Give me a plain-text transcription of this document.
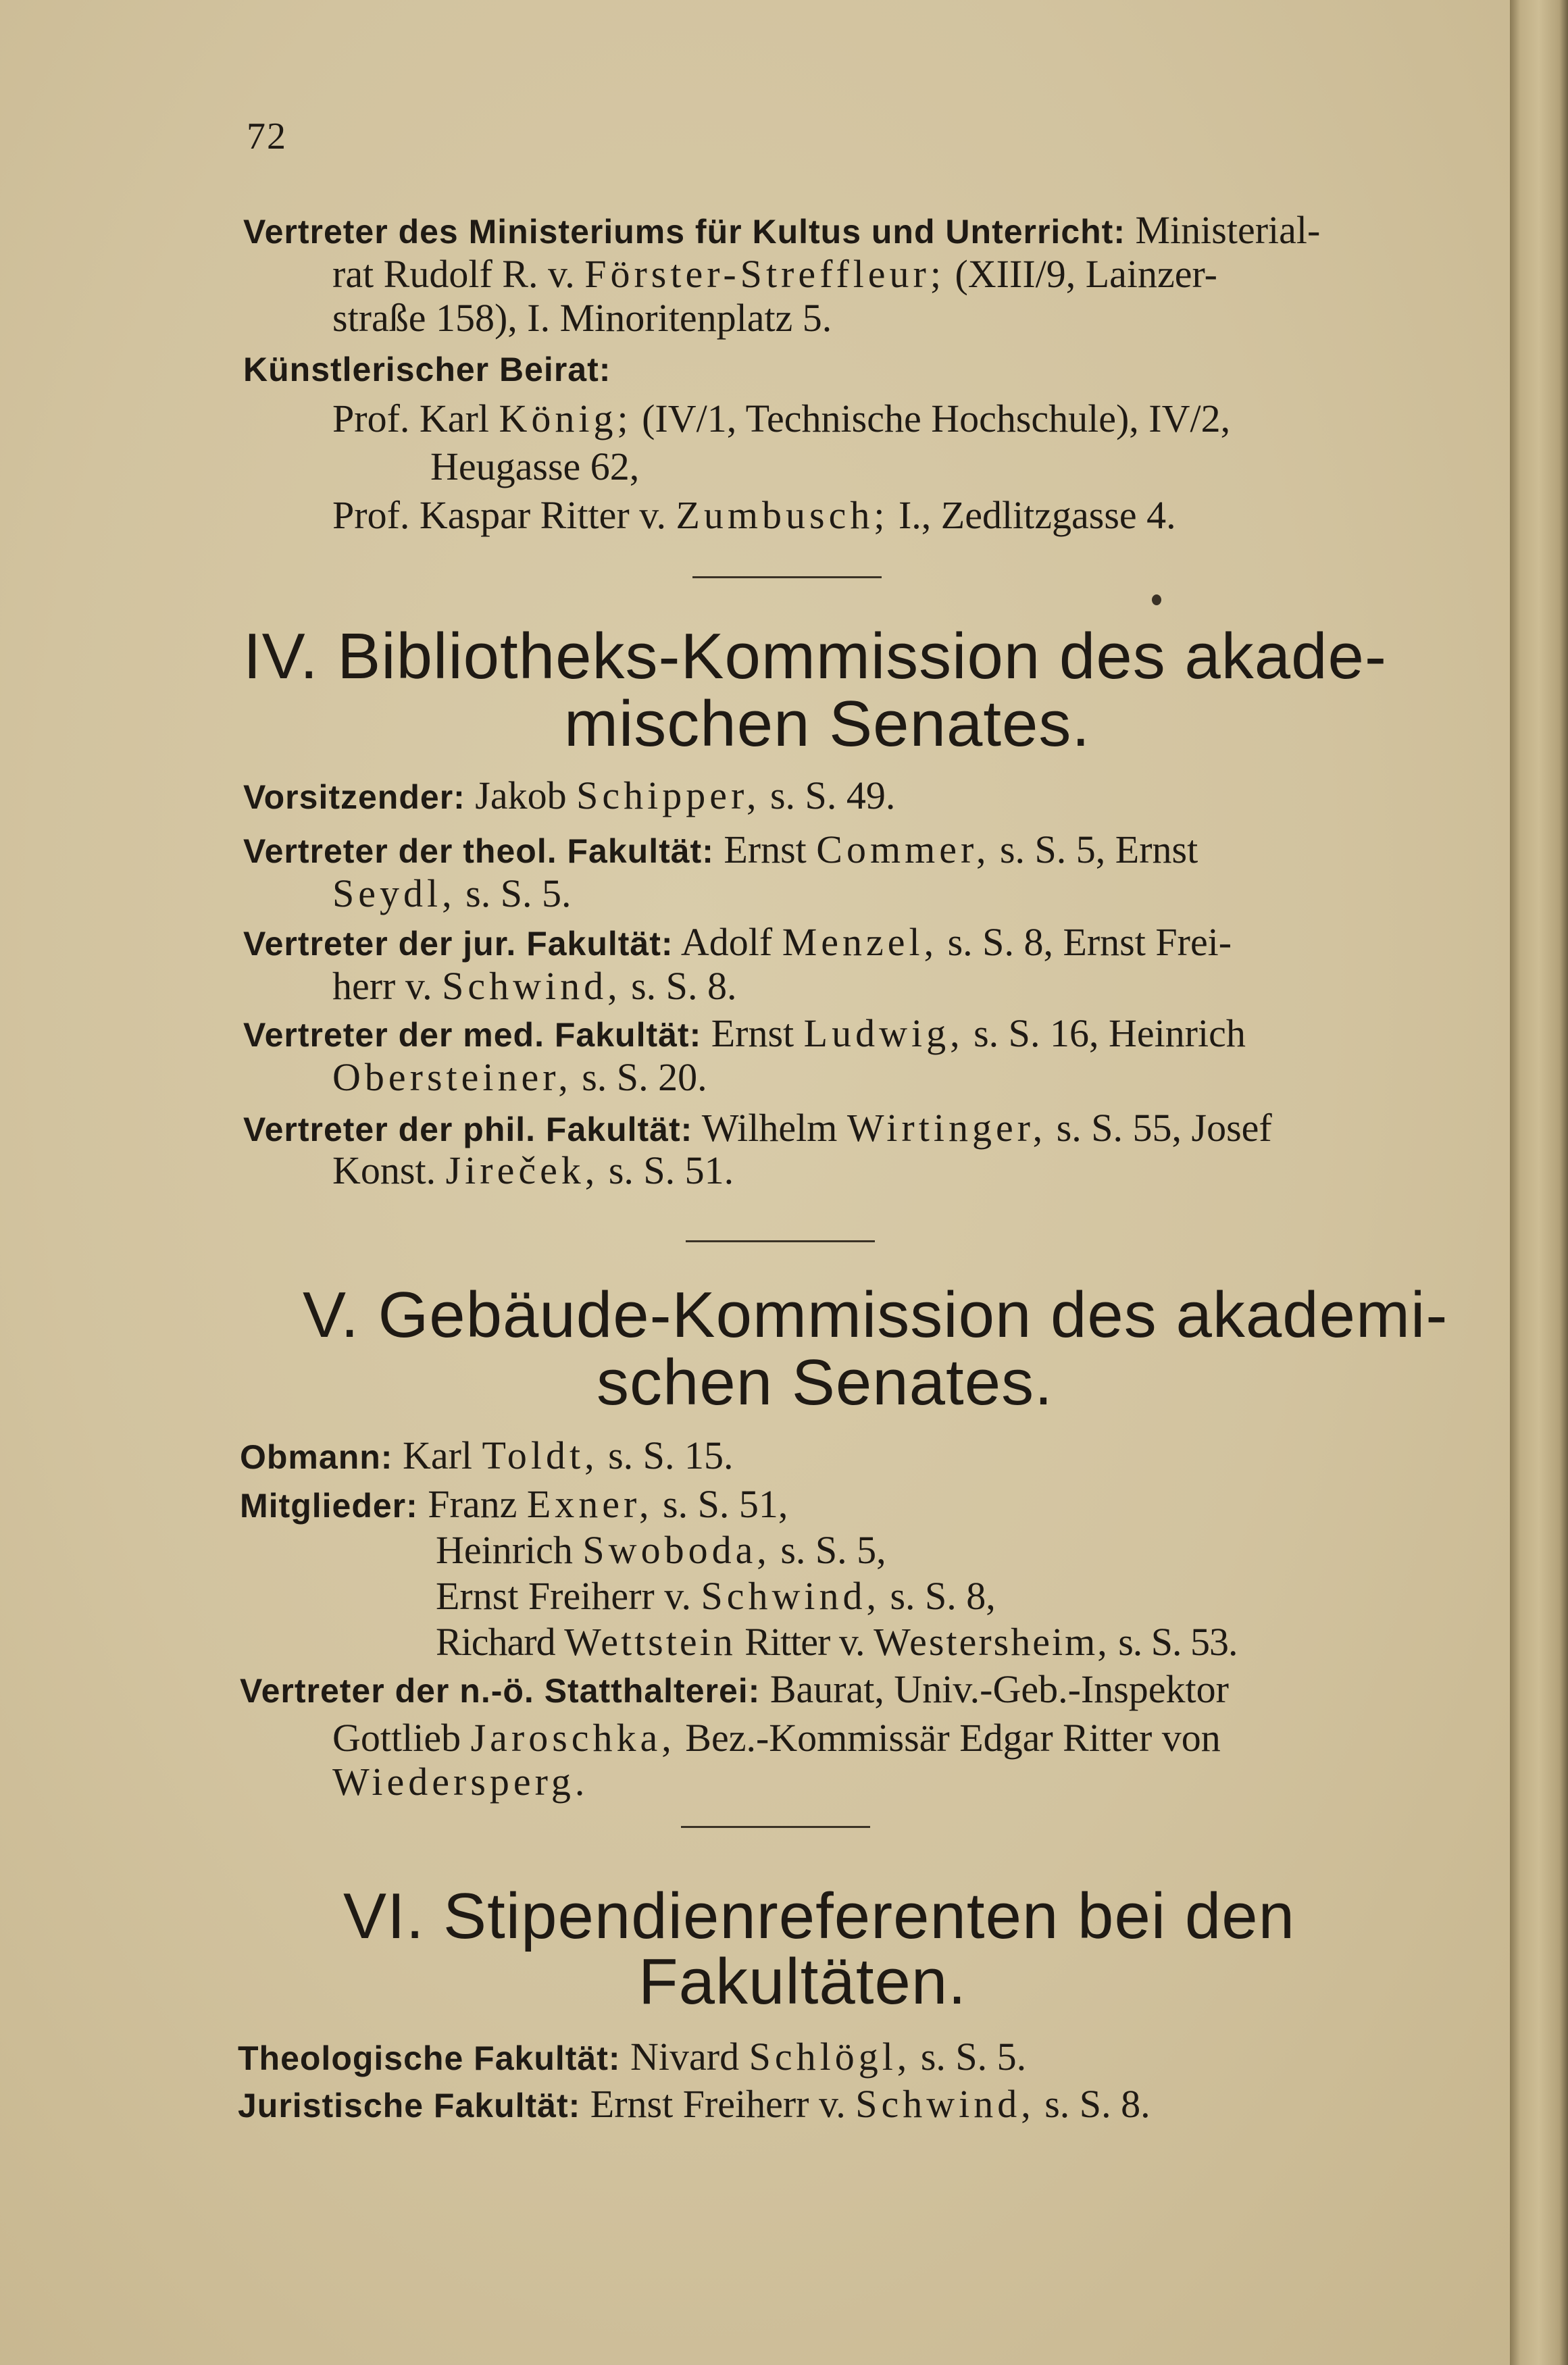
72
Vertreter des Ministeriums für Kultus und Unterricht: Ministerial-
rat Rudolf R. v. Förster-Streffleur; (XIII/9, Lainzer-
straße 158), I. Minoritenplatz 5.
Künstlerischer Beirat:
Prof. Karl König; (IV/1, Technische Hochschule), IV/2,
Heugasse 62,
Prof. Kaspar Ritter v. Zumbusch; I., Zedlitzgasse 4.
IV. Bibliotheks-Kommission des akade-
mischen Senates.
Vorsitzender: Jakob Schipper, s. S. 49.
Vertreter der theol. Fakultät: Ernst Commer, s. S. 5, Ernst
Seydl, s. S. 5.
Vertreter der jur. Fakultät: Adolf Menzel, s. S. 8, Ernst Frei-
herr v. Schwind, s. S. 8.
Vertreter der med. Fakultät: Ernst Ludwig, s. S. 16, Heinrich
Obersteiner, s. S. 20.
Vertreter der phil. Fakultät: Wilhelm Wirtinger, s. S. 55, Josef
Konst. Jireček, s. S. 51.
V. Gebäude-Kommission des akademi-
schen Senates.
Obmann: Karl Toldt, s. S. 15.
Mitglieder: Franz Exner, s. S. 51,
Heinrich Swoboda, s. S. 5,
Ernst Freiherr v. Schwind, s. S. 8,
Richard Wettstein Ritter v. Westersheim, s. S. 53.
Vertreter der n.-ö. Statthalterei: Baurat, Univ.-Geb.-Inspektor
Gottlieb Jaroschka, Bez.-Kommissär Edgar Ritter von
Wiedersperg.
VI. Stipendienreferenten bei den
Fakultäten.
Theologische Fakultät: Nivard Schlögl, s. S. 5.
Juristische Fakultät: Ernst Freiherr v. Schwind, s. S. 8.
